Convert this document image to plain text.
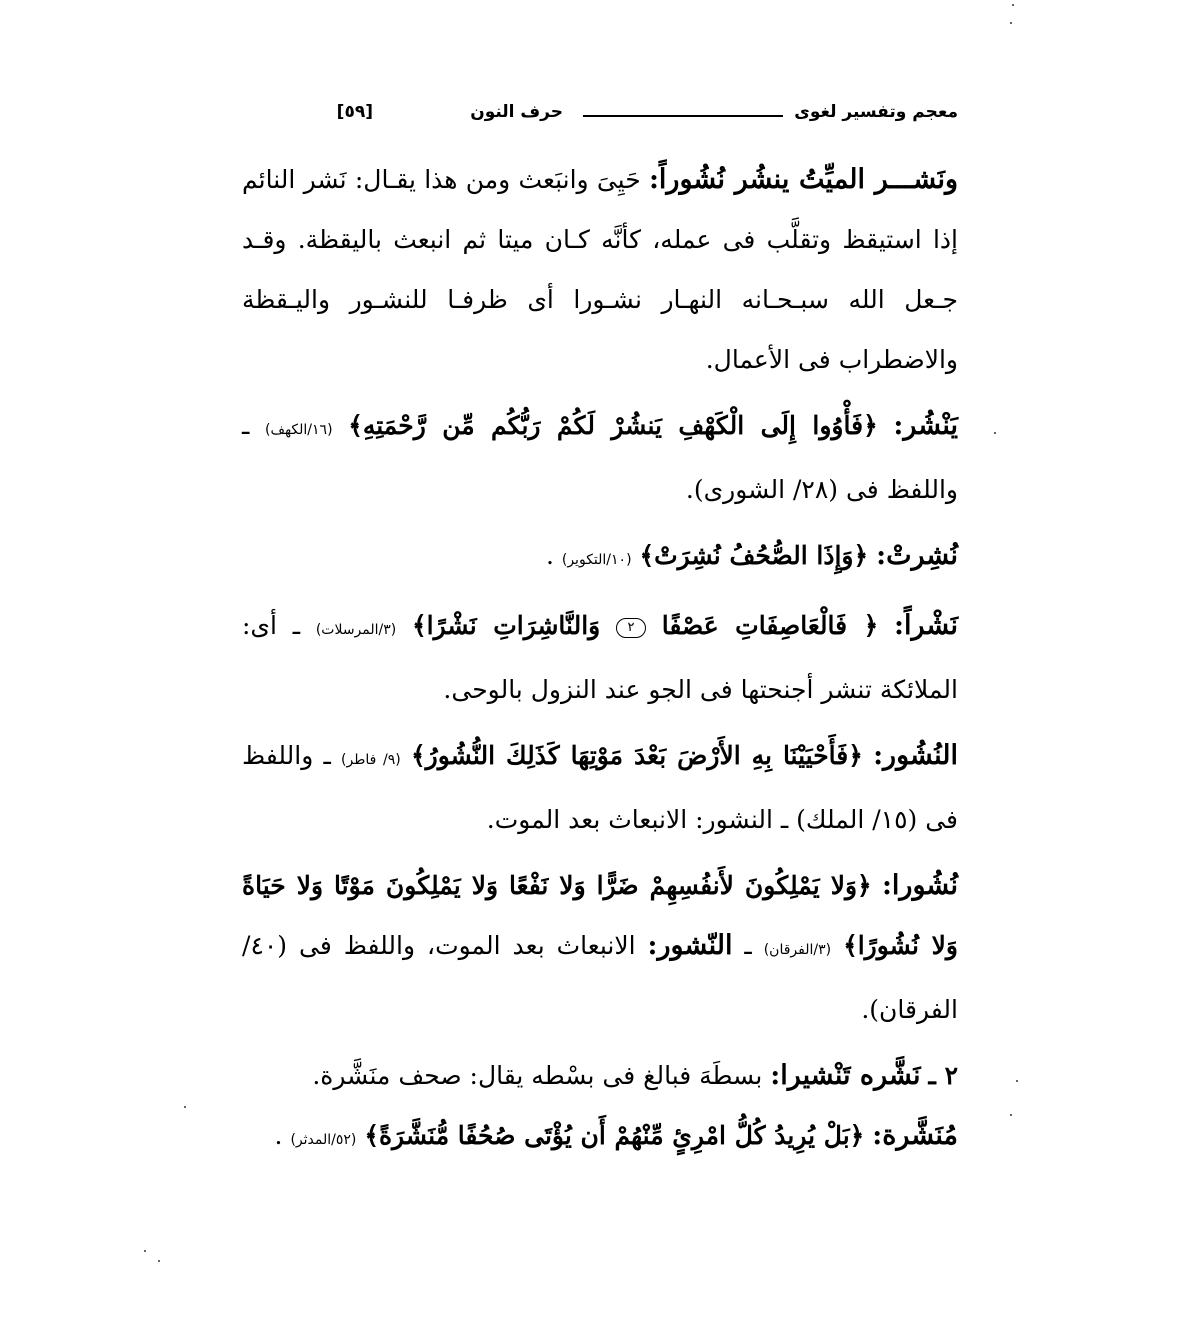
معجم وتفسير لغوى
حرف النون
[٥٩]

ونَشـــر الميِّتُ ينشُر نُشُوراً: حَيِىَ وانبَعث ومن هذا يقـال: نَشر النائم إذا استيقظ وتقلَّب فى عمله، كأنَّه كـان ميتا ثم انبعث باليقظة. وقـد جـعل الله سبـحـانه النهـار نشـورا أى ظرفـا للنشـور واليـقظة والاضطراب فى الأعمال.

يَنْشُر: ﴿فَأْوُوا إِلَى الْكَهْفِ يَنشُرْ لَكُمْ رَبُّكُم مِّن رَّحْمَتِهِ﴾ (١٦/الكهف) ـ واللفظ فى (٢٨/ الشورى).

نُشِرتْ: ﴿وَإِذَا الصُّحُفُ نُشِرَتْ﴾ (١٠/التكوير) .

نَشْراً: ﴿ فَالْعَاصِفَاتِ عَصْفًا ٢ وَالنَّاشِرَاتِ نَشْرًا﴾ (٣/المرسلات) ـ أى: الملائكة تنشر أجنحتها فى الجو عند النزول بالوحى.

النُشُور: ﴿فَأَحْيَيْنَا بِهِ الأَرْضَ بَعْدَ مَوْتِهَا كَذَلِكَ النُّشُورُ﴾ (٩/ فاطر) ـ واللفظ فى (١٥/ الملك) ـ النشور: الانبعاث بعد الموت.

نُشُورا: ﴿وَلا يَمْلِكُونَ لأَنفُسِهِمْ ضَرًّا وَلا نَفْعًا وَلا يَمْلِكُونَ مَوْتًا وَلا حَيَاةً وَلا نُشُورًا﴾ (٣/الفرقان) ـ النّشور: الانبعاث بعد الموت، واللفظ فى (٤٠/ الفرقان).

٢ ـ نَشَّره تَنْشيرا: بسطَهَ فبالغ فى بسْطه يقال: صحف منَشَّرة.

مُنَشَّرة: ﴿بَلْ يُرِيدُ كُلُّ امْرِئٍ مِّنْهُمْ أَن يُؤْتَى صُحُفًا مُّنَشَّرَةً﴾ (٥٢/المدثر) .
